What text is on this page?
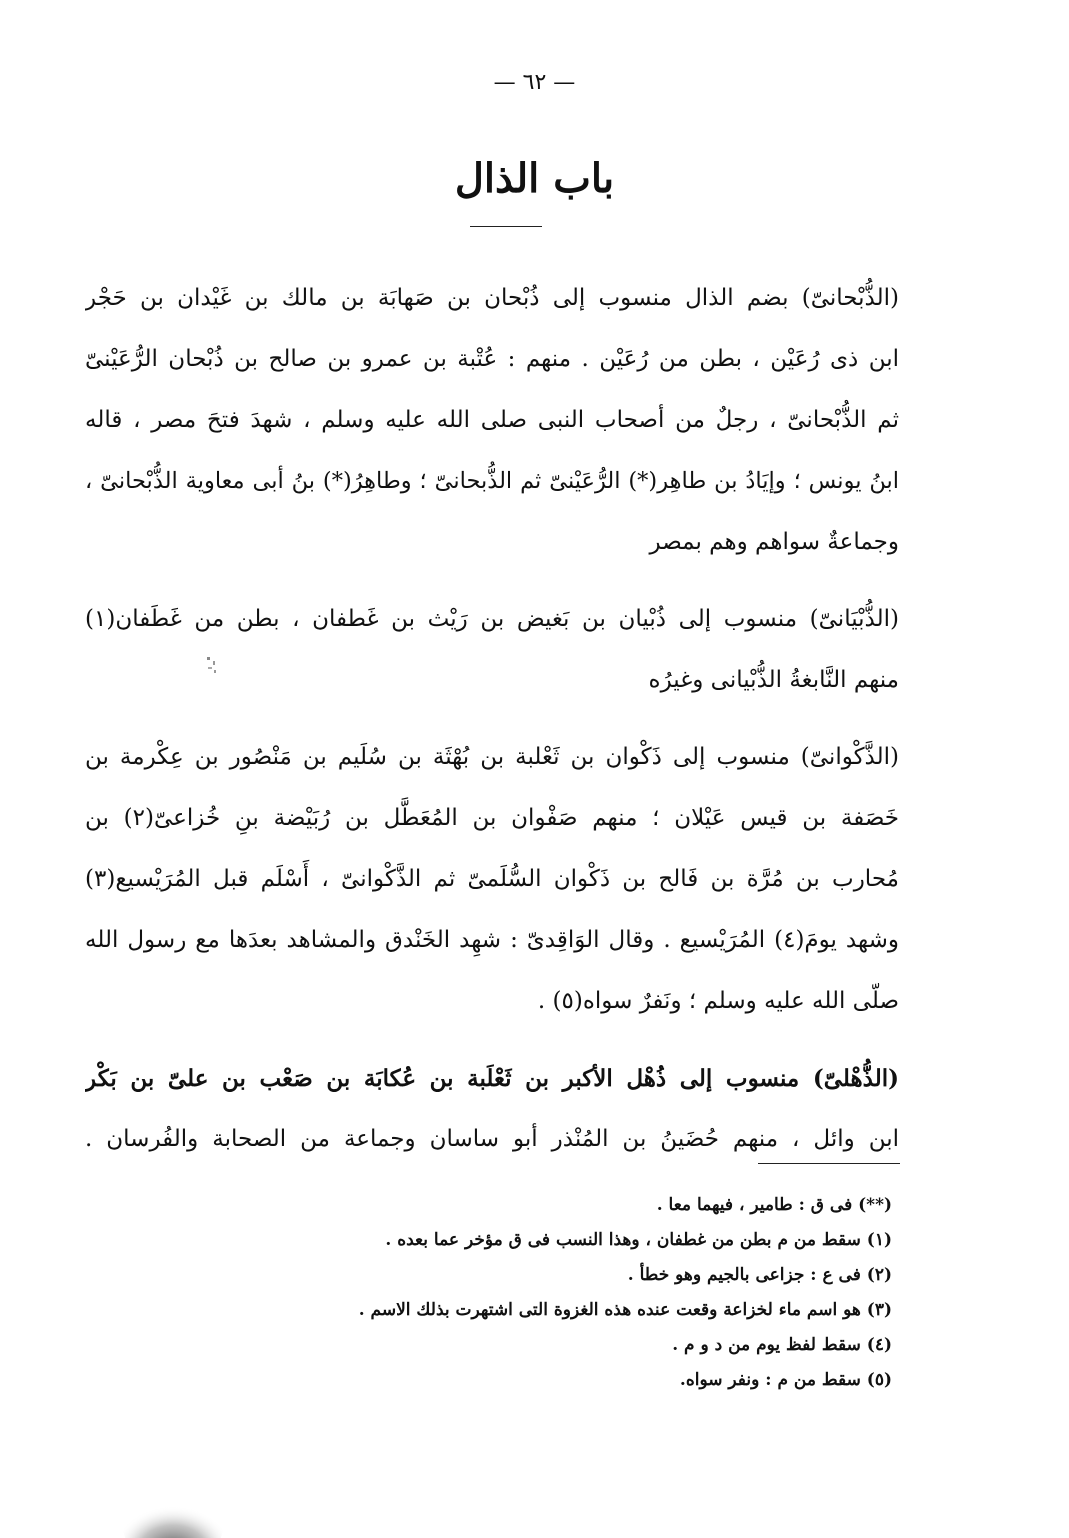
— ٦٢ —
باب الذال
(الذُّبْحانىّ) بضم الذال منسوب إلى ذُبْحان بن صَهابَة بن مالك بن غَيْدان بن حَجْر
ابن ذى رُعَيْن ، بطن من رُعَيْن . منهم : عُتْبة بن عمرو بن صالح بن ذُبْحان الرُّعَيْنىّ
ثم الذُّبْحانىّ ، رجلٌ من أصحاب النبى صلى الله عليه وسلم ، شهدَ فتحَ مصر ، قاله
ابنُ يونس ؛ وإيَادُ بن طاهِر(*) الرُّعَيْنىّ ثم الذُّبحانىّ ؛ وطاهِرُ(*) بنُ أبى معاوية الذُّبْحانىّ ،
وجماعةٌ سواهم وهم بمصر
(الذُّبْيَانىّ) منسوب إلى ذُبْيان بن بَغيض بن رَيْث بن غَطفان ، بطن من غَطَفان(١)
منهم النَّابغةُ الذُّبْيانى وغيرُه
(الذَّكْوانىّ) منسوب إلى ذَكْوان بن ثَعْلبة بن بُهْثَة بن سُلَيم بن مَنْصُور بن عِكْرمة بن
خَصَفة بن قيس عَيْلان ؛ منهم صَفْوان بن المُعَطَّل بن رُبَيْضة بنِ خُزاعىّ(٢) بن
مُحارب بن مُرَّة بن فَالح بن ذَكْوان السُّلَمىّ ثم الذَّكْوانىّ ، أَسْلَم قبل المُرَيْسيع(٣)
وشهد يومَ(٤) المُرَيْسيع . وقال الوَاقِدىّ : شهِد الخَنْدق والمشاهد بعدَها مع رسول الله
صلّى الله عليه وسلم ؛ ونَفرٌ سواه(٥) .
(الذُّهْلىّ) منسوب إلى ذُهْل الأكبر بن ثَعْلَبة بن عُكابَة بن صَعْب بن علىّ بن بَكْر
ابن وائل ، منهم حُضَينُ بن المُنْذر أبو ساسان وجماعة من الصحابة والفُرسان .
(**) فى ق : طامير ، فيهما معا .
(١) سقط من م بطن من غطفان ، وهذا النسب فى ق مؤخر عما بعده .
(٢) فى ع : جزاعى بالجيم وهو خطأ .
(٣) هو اسم ماء لخزاعة وقعت عنده هذه الغزوة التى اشتهرت بذلك الاسم .
(٤) سقط لفظ يوم من د و م .
(٥) سقط من م : ونفر سواه.
